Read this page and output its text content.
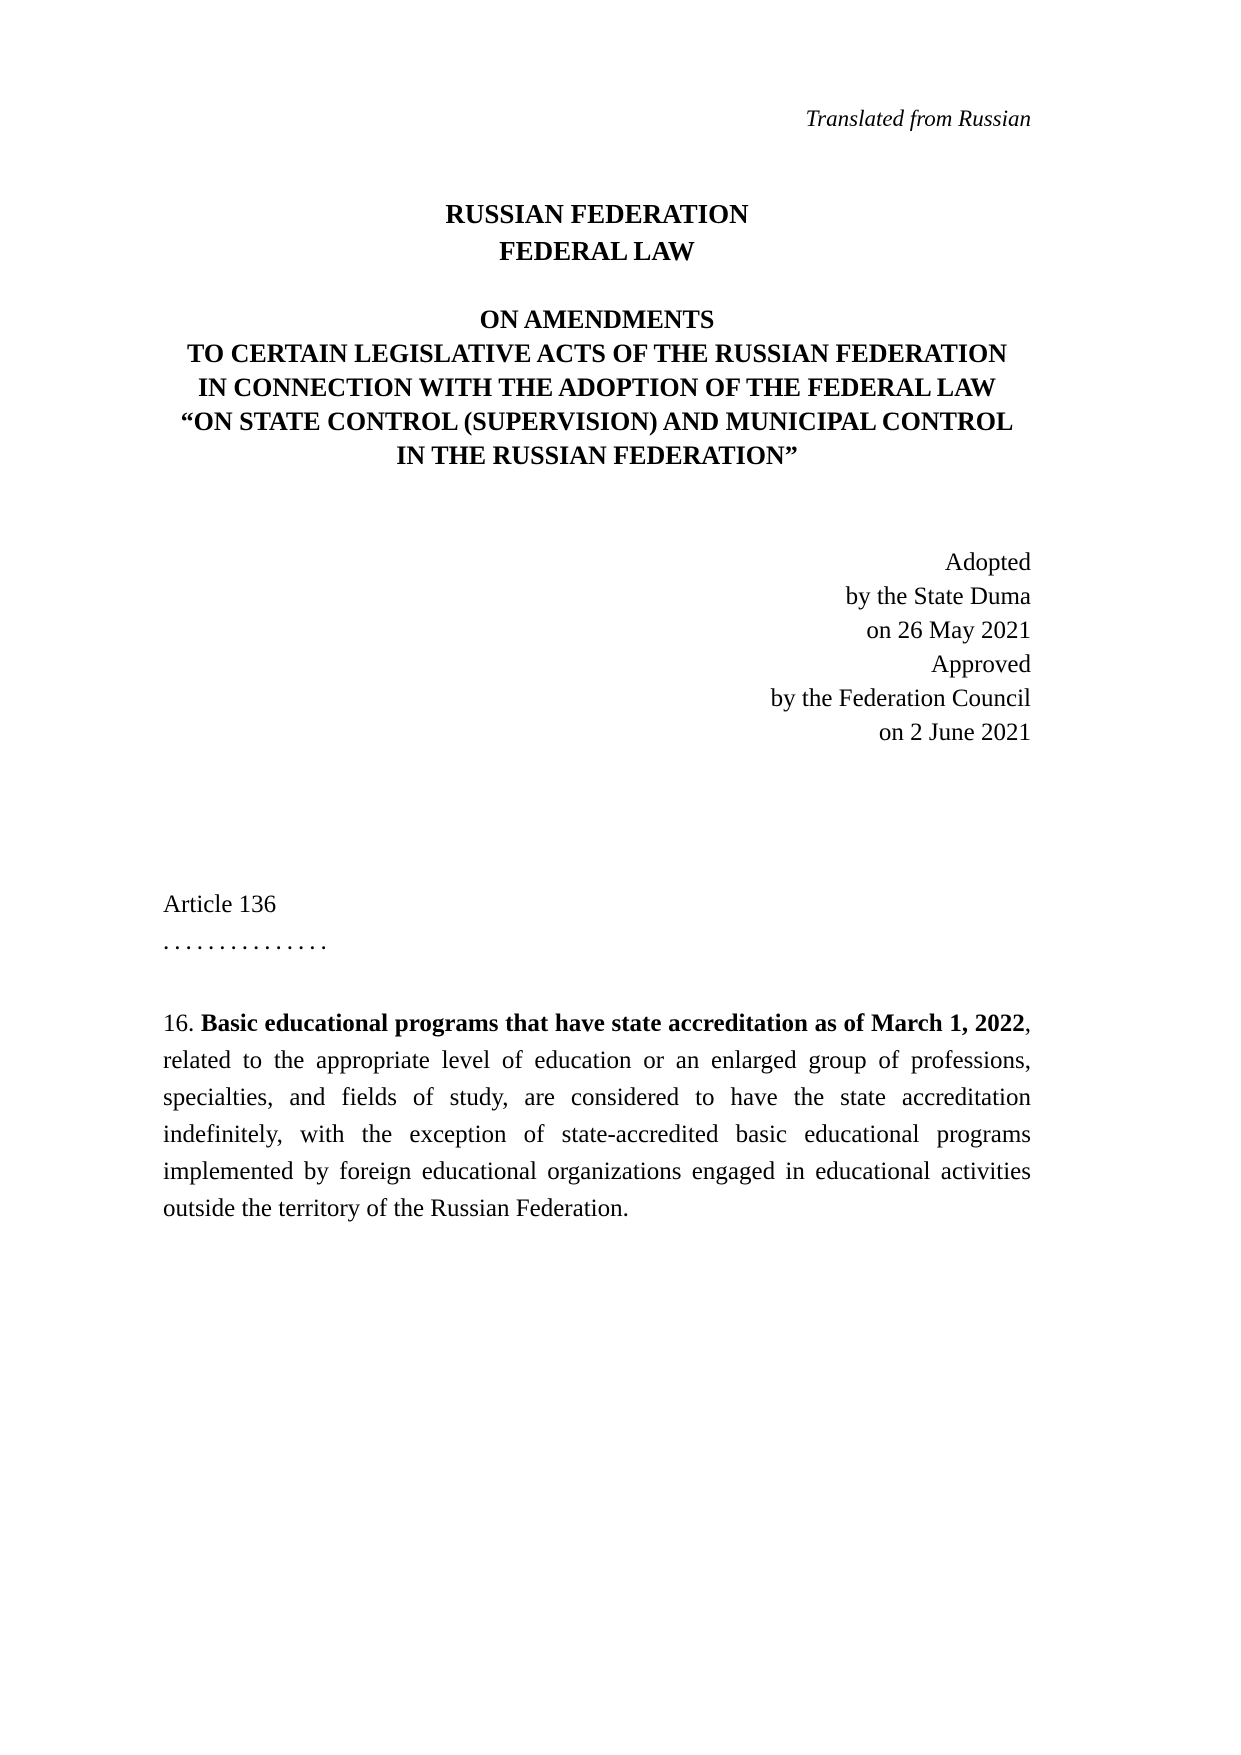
Translated from Russian
RUSSIAN FEDERATION
FEDERAL LAW
ON AMENDMENTS
TO CERTAIN LEGISLATIVE ACTS OF THE RUSSIAN FEDERATION
IN CONNECTION WITH THE ADOPTION OF THE FEDERAL LAW
“ON STATE CONTROL (SUPERVISION) AND MUNICIPAL CONTROL
IN THE RUSSIAN FEDERATION”
Adopted
by the State Duma
on 26 May 2021
Approved
by the Federation Council
on 2 June 2021
Article 136
...............

16. Basic educational programs that have state accreditation as of March 1, 2022, related to the appropriate level of education or an enlarged group of professions, specialties, and fields of study, are considered to have the state accreditation indefinitely, with the exception of state-accredited basic educational programs implemented by foreign educational organizations engaged in educational activities outside the territory of the Russian Federation.
